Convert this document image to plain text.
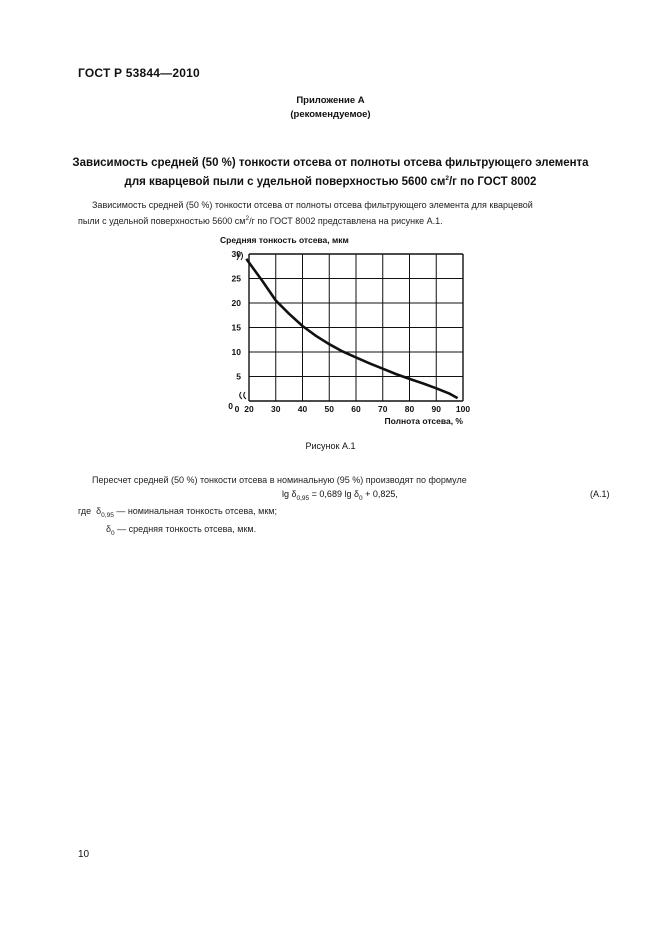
ГОСТ Р 53844—2010
Приложение А
(рекомендуемое)
Зависимость средней (50 %) тонкости отсева от полноты отсева фильтрующего элемента
для кварцевой пыли с удельной поверхностью 5600 $см^2/г$ по ГОСТ 8002
Зависимость средней (50 %) тонкости отсева от полноты отсева фильтрующего элемента для кварцевой
пыли с удельной поверхностью 5600 $см^2/г$ по ГОСТ 8002 представлена на рисунке А.1.
Средняя тонкость отсева, мкм
0
5
10
15
20
25
30
0 20 30 40 50 60 70 80 90 100
Полнота отсева, %
Рисунок А.1
Пересчет средней (50 %) тонкости отсева в номинальную (95 %) производят по формуле
$\lg \delta_{0,95} = 0,689$ $\lg \delta_0 + 0,825$,	(А.1)
где $\delta_{0,95}$ — номинальная тонкость отсева, мкм;
$\delta_0$ — средняя тонкость отсева, мкм.
10
